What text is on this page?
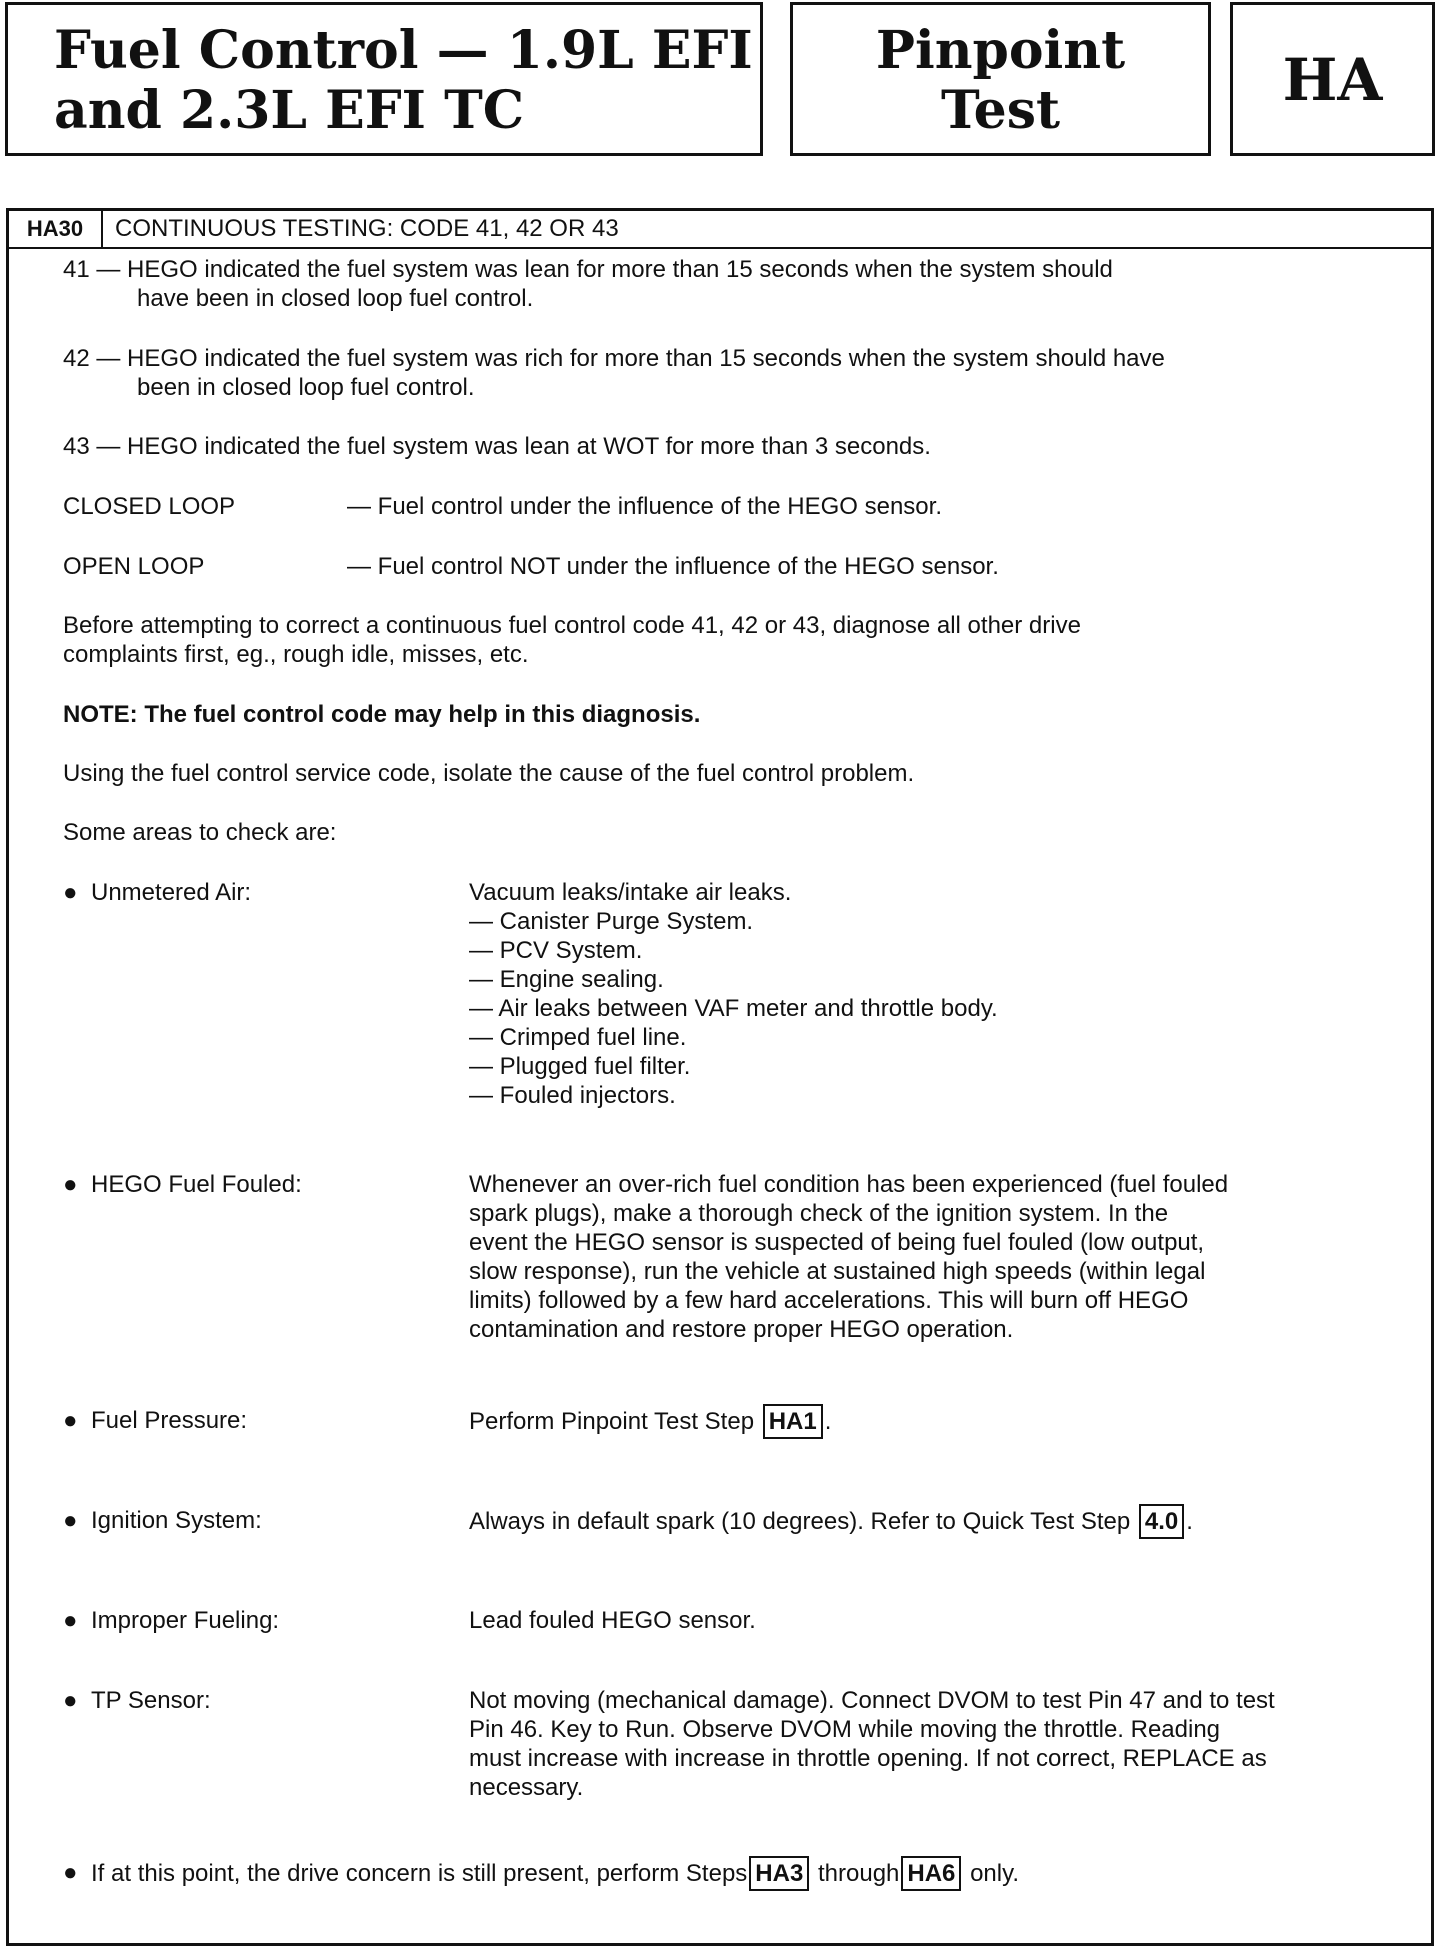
Fuel Control — 1.9L EFI
and 2.3L EFI TC
Pinpoint
Test	HA
HA30	CONTINUOUS TESTING: CODE 41, 42 OR 43
41 — HEGO indicated the fuel system was lean for more than 15 seconds when the system should
have been in closed loop fuel control.
42 — HEGO indicated the fuel system was rich for more than 15 seconds when the system should have
been in closed loop fuel control.
43 — HEGO indicated the fuel system was lean at WOT for more than 3 seconds.
CLOSED LOOP	— Fuel control under the influence of the HEGO sensor.
OPEN LOOP	— Fuel control NOT under the influence of the HEGO sensor.
Before attempting to correct a continuous fuel control code 41, 42 or 43, diagnose all other drive
complaints first, eg., rough idle, misses, etc.
NOTE: The fuel control code may help in this diagnosis.
Using the fuel control service code, isolate the cause of the fuel control problem.
Some areas to check are:
● Unmetered Air:	Vacuum leaks/intake air leaks.
— Canister Purge System.
— PCV System.
— Engine sealing.
— Air leaks between VAF meter and throttle body.
— Crimped fuel line.
— Plugged fuel filter.
— Fouled injectors.
● HEGO Fuel Fouled:	Whenever an over-rich fuel condition has been experienced (fuel fouled
spark plugs), make a thorough check of the ignition system. In the
event the HEGO sensor is suspected of being fuel fouled (low output,
slow response), run the vehicle at sustained high speeds (within legal
limits) followed by a few hard accelerations. This will burn off HEGO
contamination and restore proper HEGO operation.
● Fuel Pressure:	Perform Pinpoint Test Step HA1 .
● Ignition System:	Always in default spark (10 degrees). Refer to Quick Test Step 4.0 .
● Improper Fueling:	Lead fouled HEGO sensor.
● TP Sensor:	Not moving (mechanical damage). Connect DVOM to test Pin 47 and to test
Pin 46. Key to Run. Observe DVOM while moving the throttle. Reading
must increase with increase in throttle opening. If not correct, REPLACE as
necessary.
● If at this point, the drive concern is still present, perform Steps HA3 through HA6 only.
